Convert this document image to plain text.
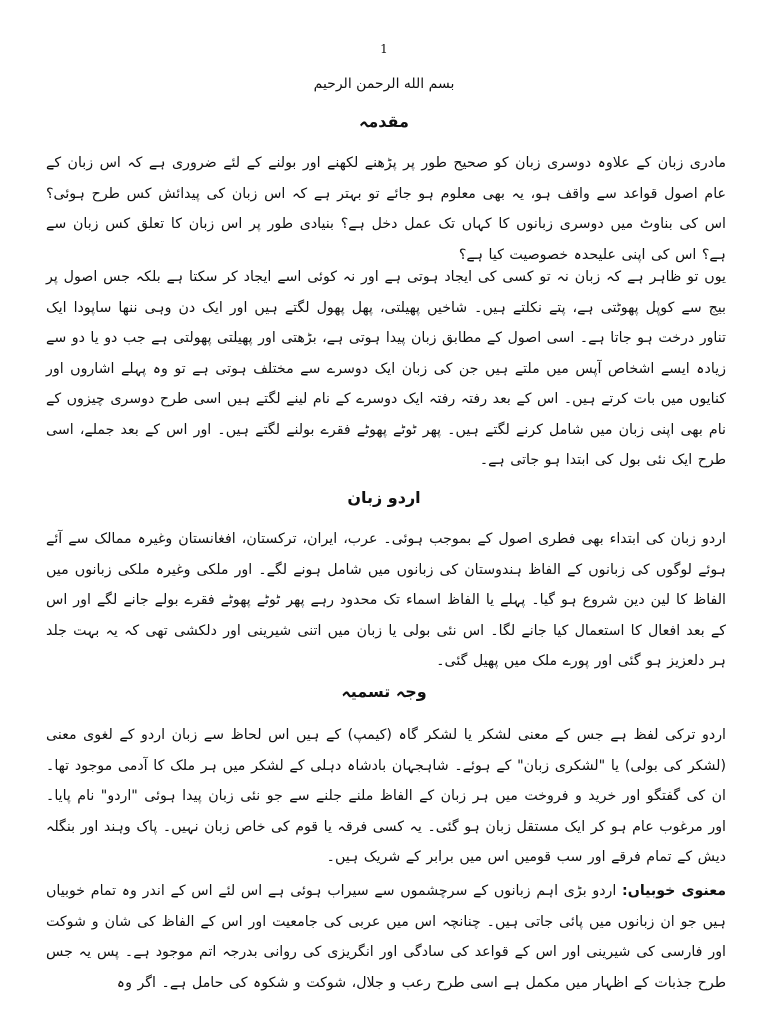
1
بسم الله الرحمن الرحیم
مقدمہ
مادری زبان کے علاوہ دوسری زبان کو صحیح طور پر پڑھنے لکھنے اور بولنے کے لئے ضروری ہے کہ اس زبان کے عام اصول قواعد سے واقف ہو، یہ بھی معلوم ہو جائے تو بہتر ہے کہ اس زبان کی پیدائش کس طرح ہوئی؟ اس کی بناوٹ میں دوسری زبانوں کا کہاں تک عمل دخل ہے؟ بنیادی طور پر اس زبان کا تعلق کس زبان سے ہے؟ اس کی اپنی علیحدہ خصوصیت کیا ہے؟
یوں تو ظاہر ہے کہ زبان نہ تو کسی کی ایجاد ہوتی ہے اور نہ کوئی اسے ایجاد کر سکتا ہے بلکہ جس اصول پر بیج سے کوپل پھوٹتی ہے، پتے نکلتے ہیں۔ شاخیں پھیلتی، پھل پھول لگتے ہیں اور ایک دن وہی ننھا ساپودا ایک تناور درخت ہو جاتا ہے۔ اسی اصول کے مطابق زبان پیدا ہوتی ہے، بڑھتی اور پھیلتی پھولتی ہے جب دو یا دو سے زیادہ ایسے اشخاص آپس میں ملتے ہیں جن کی زبان ایک دوسرے سے مختلف ہوتی ہے تو وہ پہلے اشاروں اور کنایوں میں بات کرتے ہیں۔ اس کے بعد رفتہ رفتہ ایک دوسرے کے نام لینے لگتے ہیں اسی طرح دوسری چیزوں کے نام بھی اپنی زبان میں شامل کرنے لگتے ہیں۔ پھر ٹوٹے پھوٹے فقرے بولنے لگتے ہیں۔ اور اس کے بعد جملے، اسی طرح ایک نئی بول کی ابتدا ہو جاتی ہے۔
اردو زبان
اردو زبان کی ابتداء بھی فطری اصول کے بموجب ہوئی۔ عرب، ایران، ترکستان، افغانستان وغیرہ ممالک سے آئے ہوئے لوگوں کی زبانوں کے الفاظ ہندوستان کی زبانوں میں شامل ہونے لگے۔ اور ملکی وغیرہ ملکی زبانوں میں الفاظ کا لین دین شروع ہو گیا۔ پہلے یا الفاظ اسماء تک محدود رہے پھر ٹوٹے پھوٹے فقرے بولے جانے لگے اور اس کے بعد افعال کا استعمال کیا جانے لگا۔ اس نئی بولی یا زبان میں اتنی شیرینی اور دلکشی تھی کہ یہ بہت جلد ہر دلعزیز ہو گئی اور پورے ملک میں پھیل گئی۔
وجہ تسمیہ
اردو ترکی لفظ ہے جس کے معنی لشکر یا لشکر گاہ (کیمپ) کے ہیں اس لحاظ سے زبان اردو کے لغوی معنی (لشکر کی بولی) یا "لشکری زبان" کے ہوئے۔ شاہجہان بادشاہ دہلی کے لشکر میں ہر ملک کا آدمی موجود تھا۔ ان کی گفتگو اور خرید و فروخت میں ہر زبان کے الفاظ ملنے جلنے سے جو نئی زبان پیدا ہوئی "اردو" نام پایا۔ اور مرغوب عام ہو کر ایک مستقل زبان ہو گئی۔ یہ کسی فرقہ یا قوم کی خاص زبان نہیں۔ پاک وہند اور بنگلہ دیش کے تمام فرقے اور سب قومیں اس میں برابر کے شریک ہیں۔
معنوی خوبیاں: اردو بڑی اہم زبانوں کے سرچشموں سے سیراب ہوئی ہے اس لئے اس کے اندر وہ تمام خوبیاں ہیں جو ان زبانوں میں پائی جاتی ہیں۔ چنانچہ اس میں عربی کی جامعیت اور اس کے الفاظ کی شان و شوکت اور فارسی کی شیرینی اور اس کے قواعد کی سادگی اور انگریزی کی روانی بدرجہ اتم موجود ہے۔ پس یہ جس طرح جذبات کے اظہار میں مکمل ہے اسی طرح رعب و جلال، شوکت و شکوہ کی حامل ہے۔ اگر وہ
